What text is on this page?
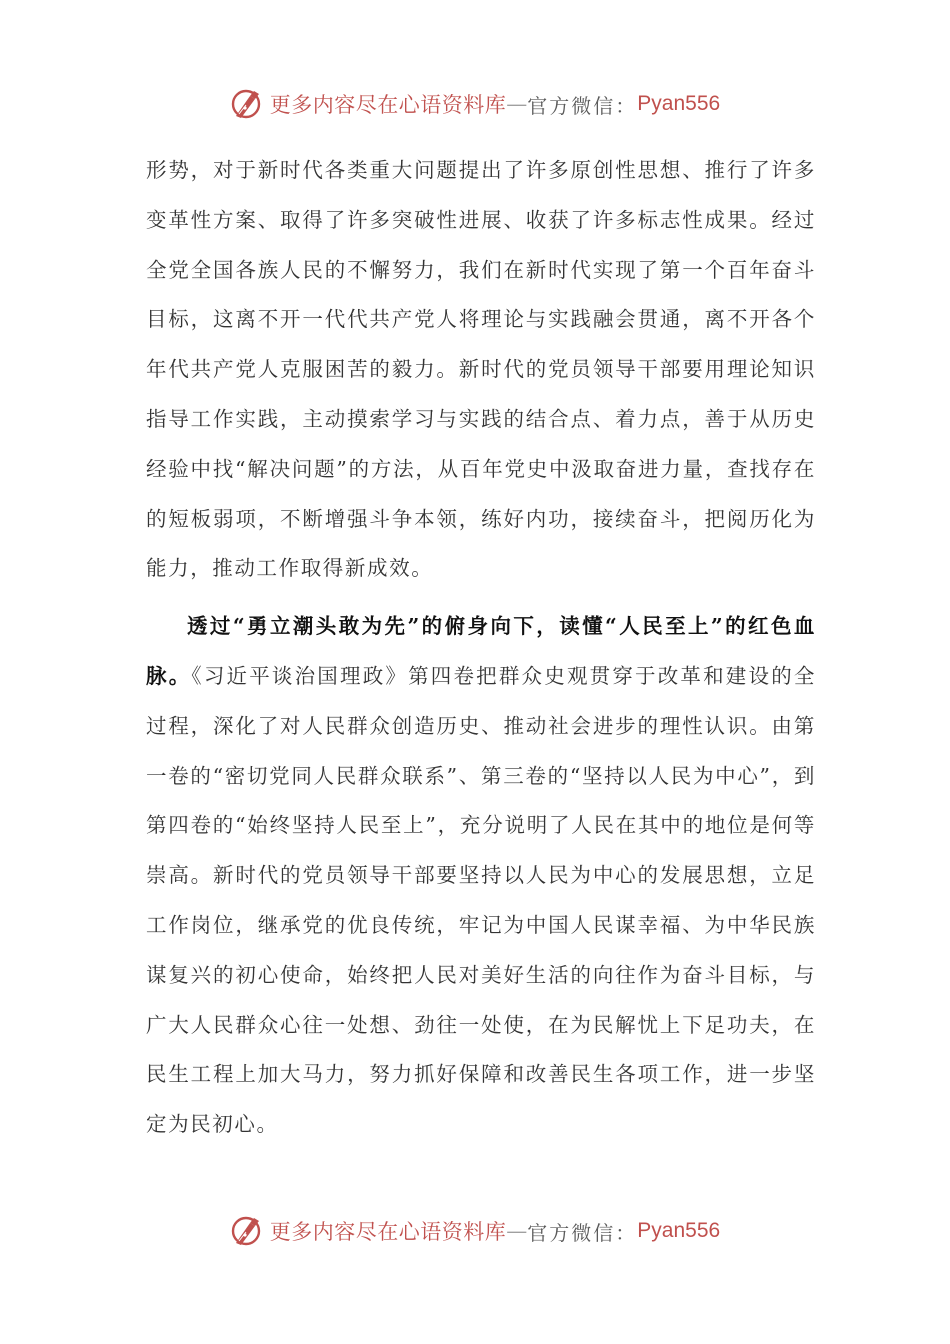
更多内容尽在心语资料库 — 官方微信： Pyan556

形势，对于新时代各类重大问题提出了许多原创性思想、推行了许多变革性方案、取得了许多突破性进展、收获了许多标志性成果。经过全党全国各族人民的不懈努力，我们在新时代实现了第一个百年奋斗目标，这离不开一代代共产党人将理论与实践融会贯通，离不开各个年代共产党人克服困苦的毅力。新时代的党员领导干部要用理论知识指导工作实践，主动摸索学习与实践的结合点、着力点，善于从历史经验中找“解决问题”的方法，从百年党史中汲取奋进力量，查找存在的短板弱项，不断增强斗争本领，练好内功，接续奋斗，把阅历化为能力，推动工作取得新成效。

透过“勇立潮头敢为先”的俯身向下，读懂“人民至上”的红色血脉。《习近平谈治国理政》第四卷把群众史观贯穿于改革和建设的全过程，深化了对人民群众创造历史、推动社会进步的理性认识。由第一卷的“密切党同人民群众联系”、第三卷的“坚持以人民为中心”，到第四卷的“始终坚持人民至上”，充分说明了人民在其中的地位是何等崇高。新时代的党员领导干部要坚持以人民为中心的发展思想，立足工作岗位，继承党的优良传统，牢记为中国人民谋幸福、为中华民族谋复兴的初心使命，始终把人民对美好生活的向往作为奋斗目标，与广大人民群众心往一处想、劲往一处使，在为民解忧上下足功夫，在民生工程上加大马力，努力抓好保障和改善民生各项工作，进一步坚定为民初心。

更多内容尽在心语资料库 — 官方微信： Pyan556
